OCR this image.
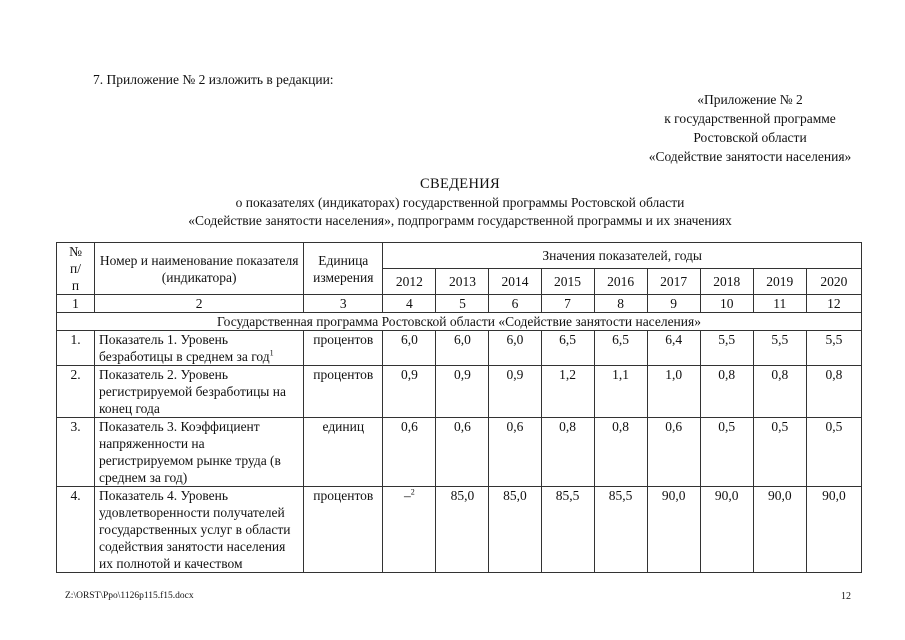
7. Приложение № 2 изложить в редакции:
«Приложение № 2
к государственной программе
Ростовской области
«Содействие занятости населения»
СВЕДЕНИЯ
о показателях (индикаторах) государственной программы Ростовской области
«Содействие занятости населения», подпрограмм государственной программы и их значениях
№ п/п	Номер и наименование показателя (индикатора)	Единица измерения	Значения показателей, годы								
			2012	2013	2014	2015	2016	2017	2018	2019	2020
1	2	3	4	5	6	7	8	9	10	11	12
Государственная программа Ростовской области «Содействие занятости населения»											
1.	Показатель 1. Уровень безработицы в среднем за год$^1$	процентов	6,0	6,0	6,0	6,5	6,5	6,4	5,5	5,5	5,5
2.	Показатель 2. Уровень регистрируемой безработицы на конец года	процентов	0,9	0,9	0,9	1,2	1,1	1,0	0,8	0,8	0,8
3.	Показатель 3. Коэффициент напряженности на регистрируемом рынке труда (в среднем за год)	единиц	0,6	0,6	0,6	0,8	0,8	0,6	0,5	0,5	0,5
4.	Показатель 4. Уровень удовлетворенности получателей государственных услуг в области содействия занятости населения их полнотой и качеством	процентов	–$^2$	85,0	85,0	85,5	85,5	90,0	90,0	90,0	90,0
Z:\ORST\Ppo\1126p115.f15.docx	12
